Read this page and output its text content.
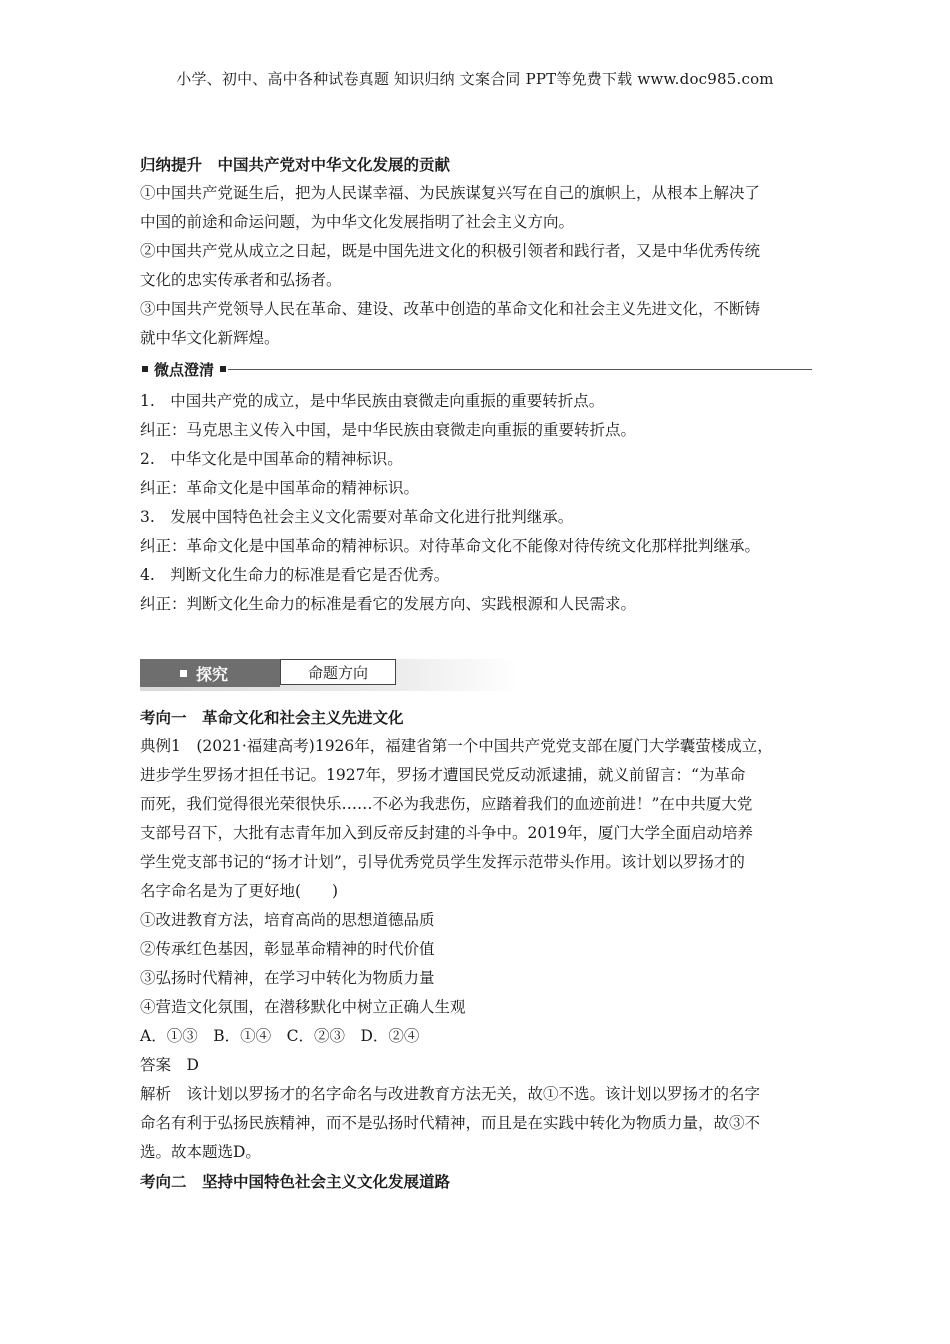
小学、初中、高中各种试卷真题 知识归纳 文案合同 PPT等免费下载 www.doc985.com
归纳提升　中国共产党对中华文化发展的贡献
①中国共产党诞生后，把为人民谋幸福、为民族谋复兴写在自己的旗帜上，从根本上解决了
中国的前途和命运问题，为中华文化发展指明了社会主义方向。
②中国共产党从成立之日起，既是中国先进文化的积极引领者和践行者，又是中华优秀传统
文化的忠实传承者和弘扬者。
③中国共产党领导人民在革命、建设、改革中创造的革命文化和社会主义先进文化，不断铸
就中华文化新辉煌。
微点澄清
1.　中国共产党的成立，是中华民族由衰微走向重振的重要转折点。
纠正：马克思主义传入中国，是中华民族由衰微走向重振的重要转折点。
2.　中华文化是中国革命的精神标识。
纠正：革命文化是中国革命的精神标识。
3.　发展中国特色社会主义文化需要对革命文化进行批判继承。
纠正：革命文化是中国革命的精神标识。对待革命文化不能像对待传统文化那样批判继承。
4.　判断文化生命力的标准是看它是否优秀。
纠正：判断文化生命力的标准是看它的发展方向、实践根源和人民需求。
探究	命题方向
考向一　革命文化和社会主义先进文化
典例1　(2021·福建高考)1926年，福建省第一个中国共产党党支部在厦门大学囊萤楼成立，
进步学生罗扬才担任书记。1927年，罗扬才遭国民党反动派逮捕，就义前留言：“为革命
而死，我们觉得很光荣很快乐……不必为我悲伤，应踏着我们的血迹前进！”在中共厦大党
支部号召下，大批有志青年加入到反帝反封建的斗争中。2019年，厦门大学全面启动培养
学生党支部书记的“扬才计划”，引导优秀党员学生发挥示范带头作用。该计划以罗扬才的
名字命名是为了更好地(　　)
①改进教育方法，培育高尚的思想道德品质
②传承红色基因，彰显革命精神的时代价值
③弘扬时代精神，在学习中转化为物质力量
④营造文化氛围，在潜移默化中树立正确人生观
A．①③　B．①④　C．②③　D．②④
答案　D
解析　该计划以罗扬才的名字命名与改进教育方法无关，故①不选。该计划以罗扬才的名字
命名有利于弘扬民族精神，而不是弘扬时代精神，而且是在实践中转化为物质力量，故③不
选。故本题选D。
考向二　坚持中国特色社会主义文化发展道路
